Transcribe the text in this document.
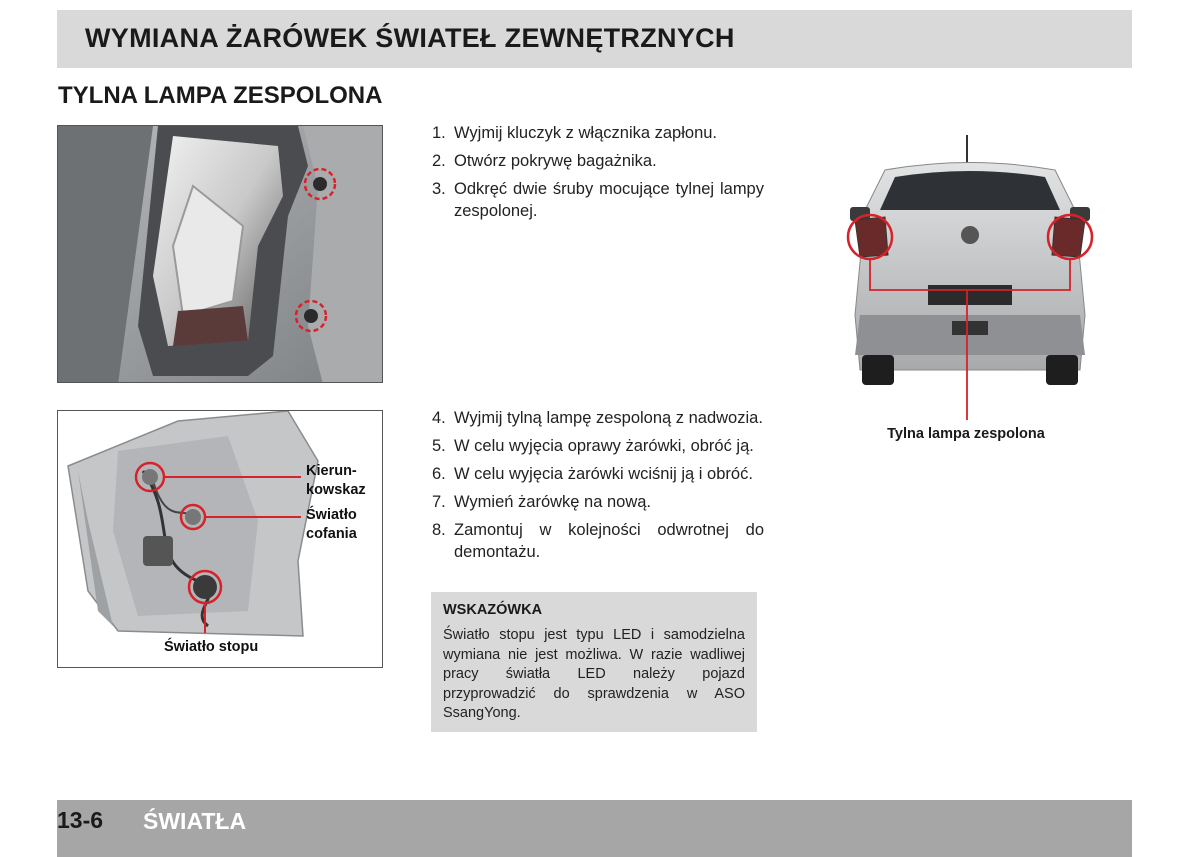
WYMIANA ŻARÓWEK ŚWIATEŁ ZEWNĘTRZNYCH
TYLNA LAMPA ZESPOLONA
Kierun-
kowskaz
Światło
cofania
Światło stopu
1. Wyjmij kluczyk z włącznika zapłonu.
2. Otwórz pokrywę bagażnika.
3. Odkręć dwie śruby mocujące tylnej lampy zespolonej.
4. Wyjmij tylną lampę zespoloną z nadwozia.
5. W celu wyjęcia oprawy żarówki, obróć ją.
6. W celu wyjęcia żarówki wciśnij ją i obróć.
7. Wymień żarówkę na nową.
8. Zamontuj w kolejności odwrotnej do demontażu.
WSKAZÓWKA
Światło stopu jest typu LED i samodzielna wymiana nie jest możliwa. W razie wadliwej pracy światła LED należy pojazd przyprowadzić do sprawdzenia w ASO SsangYong.
Tylna lampa zespolona
13-6 ŚWIATŁA
